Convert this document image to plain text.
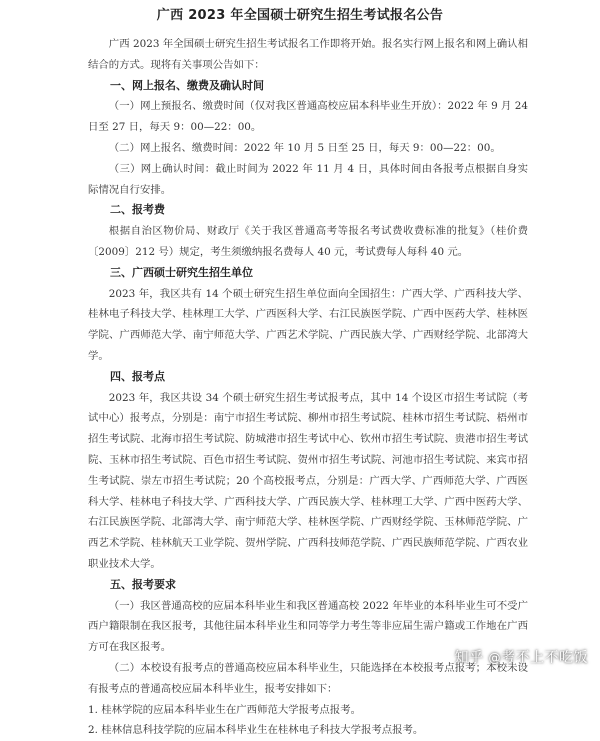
广西 2023 年全国硕士研究生招生考试报名公告

广西 2023 年全国硕士研究生招生考试报名工作即将开始。报名实行网上报名和网上确认相结合的方式。现将有关事项公告如下：

一、网上报名、缴费及确认时间

（一）网上预报名、缴费时间（仅对我区普通高校应届本科毕业生开放）：2022 年 9 月 24 日至 27 日，每天 9：00—22：00。

（二）网上报名、缴费时间：2022 年 10 月 5 日至 25 日，每天 9：00—22：00。

（三）网上确认时间：截止时间为 2022 年 11 月 4 日，具体时间由各报考点根据自身实际情况自行安排。

二、报考费

根据自治区物价局、财政厅《关于我区普通高考等报名考试费收费标准的批复》（桂价费〔2009〕212 号）规定，考生须缴纳报名费每人 40 元，考试费每人每科 40 元。

三、广西硕士研究生招生单位

2023 年，我区共有 14 个硕士研究生招生单位面向全国招生：广西大学、广西科技大学、桂林电子科技大学、桂林理工大学、广西医科大学、右江民族医学院、广西中医药大学、桂林医学院、广西师范大学、南宁师范大学、广西艺术学院、广西民族大学、广西财经学院、北部湾大学。

四、报考点

2023 年，我区共设 34 个硕士研究生招生考试报考点，其中 14 个设区市招生考试院（考试中心）报考点，分别是：南宁市招生考试院、柳州市招生考试院、桂林市招生考试院、梧州市招生考试院、北海市招生考试院、防城港市招生考试中心、钦州市招生考试院、贵港市招生考试院、玉林市招生考试院、百色市招生考试院、贺州市招生考试院、河池市招生考试院、来宾市招生考试院、崇左市招生考试院；20 个高校报考点，分别是：广西大学、广西师范大学、广西医科大学、桂林电子科技大学、广西科技大学、广西民族大学、桂林理工大学、广西中医药大学、右江民族医学院、北部湾大学、南宁师范大学、桂林医学院、广西财经学院、玉林师范学院、广西艺术学院、桂林航天工业学院、贺州学院、广西科技师范学院、广西民族师范学院、广西农业职业技术大学。

五、报考要求

（一）我区普通高校的应届本科毕业生和我区普通高校 2022 年毕业的本科毕业生可不受广西户籍限制在我区报考，其他往届本科毕业生和同等学力考生等非应届生需户籍或工作地在广西方可在我区报考。

（二）本校设有报考点的普通高校应届本科毕业生，只能选择在本校报考点报考；本校未设有报考点的普通高校应届本科毕业生，报考安排如下：

1. 桂林学院的应届本科毕业生在广西师范大学报考点报考。

2. 桂林信息科技学院的应届本科毕业生在桂林电子科技大学报考点报考。

知乎 @考不上不吃饭
